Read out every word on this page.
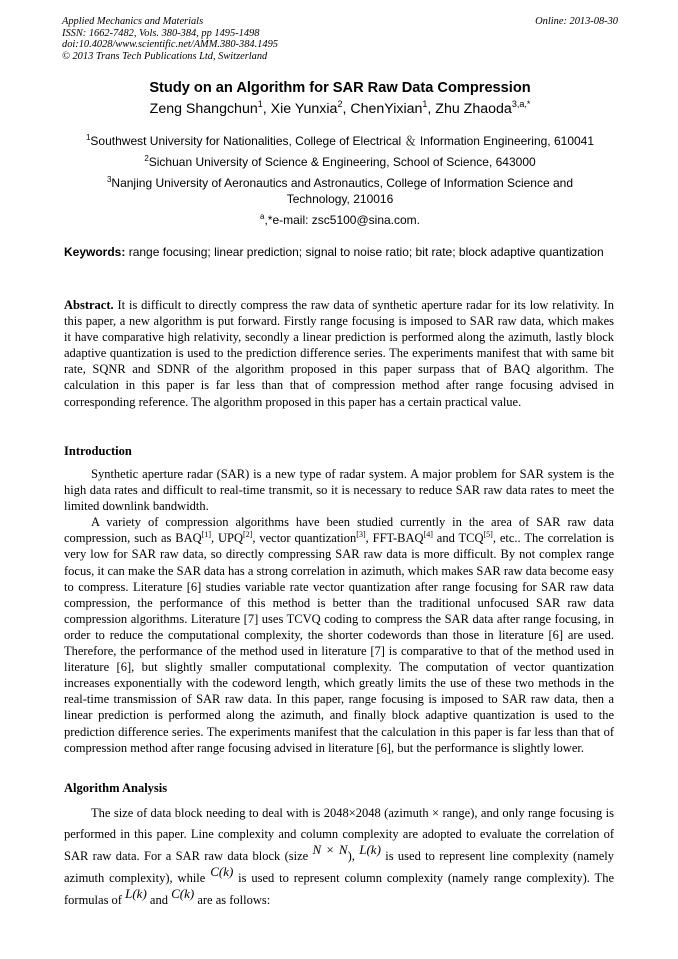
Applied Mechanics and Materials
ISSN: 1662-7482, Vols. 380-384, pp 1495-1498
doi:10.4028/www.scientific.net/AMM.380-384.1495
© 2013 Trans Tech Publications Ltd, Switzerland
Online: 2013-08-30
Study on an Algorithm for SAR Raw Data Compression
Zeng Shangchun$^1$, Xie Yunxia$^2$, ChenYixian$^1$, Zhu Zhaoda$^{3,a,*}$
$^1$Southwest University for Nationalities, College of Electrical ＆ Information Engineering, 610041
$^2$Sichuan University of Science & Engineering, School of Science, 643000
$^3$Nanjing University of Aeronautics and Astronautics, College of Information Science and Technology, 210016
$^a$,*e-mail: zsc5100@sina.com.
Keywords: range focusing; linear prediction; signal to noise ratio; bit rate; block adaptive quantization

Abstract. It is difficult to directly compress the raw data of synthetic aperture radar for its low relativity. In this paper, a new algorithm is put forward. Firstly range focusing is imposed to SAR raw data, which makes it have comparative high relativity, secondly a linear prediction is performed along the azimuth, lastly block adaptive quantization is used to the prediction difference series. The experiments manifest that with same bit rate, SQNR and SDNR of the algorithm proposed in this paper surpass that of BAQ algorithm. The calculation in this paper is far less than that of compression method after range focusing advised in corresponding reference. The algorithm proposed in this paper has a certain practical value.

Introduction

Synthetic aperture radar (SAR) is a new type of radar system. A major problem for SAR system is the high data rates and difficult to real-time transmit, so it is necessary to reduce SAR raw data rates to meet the limited downlink bandwidth.

A variety of compression algorithms have been studied currently in the area of SAR raw data compression, such as BAQ[1], UPQ[2], vector quantization[3], FFT-BAQ[4] and TCQ[5], etc.. The correlation is very low for SAR raw data, so directly compressing SAR raw data is more difficult. By not complex range focus, it can make the SAR data has a strong correlation in azimuth, which makes SAR raw data become easy to compress. Literature [6] studies variable rate vector quantization after range focusing for SAR raw data compression, the performance of this method is better than the traditional unfocused SAR raw data compression algorithms. Literature [7] uses TCVQ coding to compress the SAR data after range focusing, in order to reduce the computational complexity, the shorter codewords than those in literature [6] are used. Therefore, the performance of the method used in literature [7] is comparative to that of the method used in literature [6], but slightly smaller computational complexity. The computation of vector quantization increases exponentially with the codeword length, which greatly limits the use of these two methods in the real-time transmission of SAR raw data. In this paper, range focusing is imposed to SAR raw data, then a linear prediction is performed along the azimuth, and finally block adaptive quantization is used to the prediction difference series. The experiments manifest that the calculation in this paper is far less than that of compression method after range focusing advised in literature [6], but the performance is slightly lower.

Algorithm Analysis

The size of data block needing to deal with is 2048×2048 (azimuth × range), and only range focusing is performed in this paper. Line complexity and column complexity are adopted to evaluate the correlation of SAR raw data. For a SAR raw data block (size N × N), L(k) is used to represent line complexity (namely azimuth complexity), while C(k) is used to represent column complexity (namely range complexity). The formulas of L(k) and C(k) are as follows:
